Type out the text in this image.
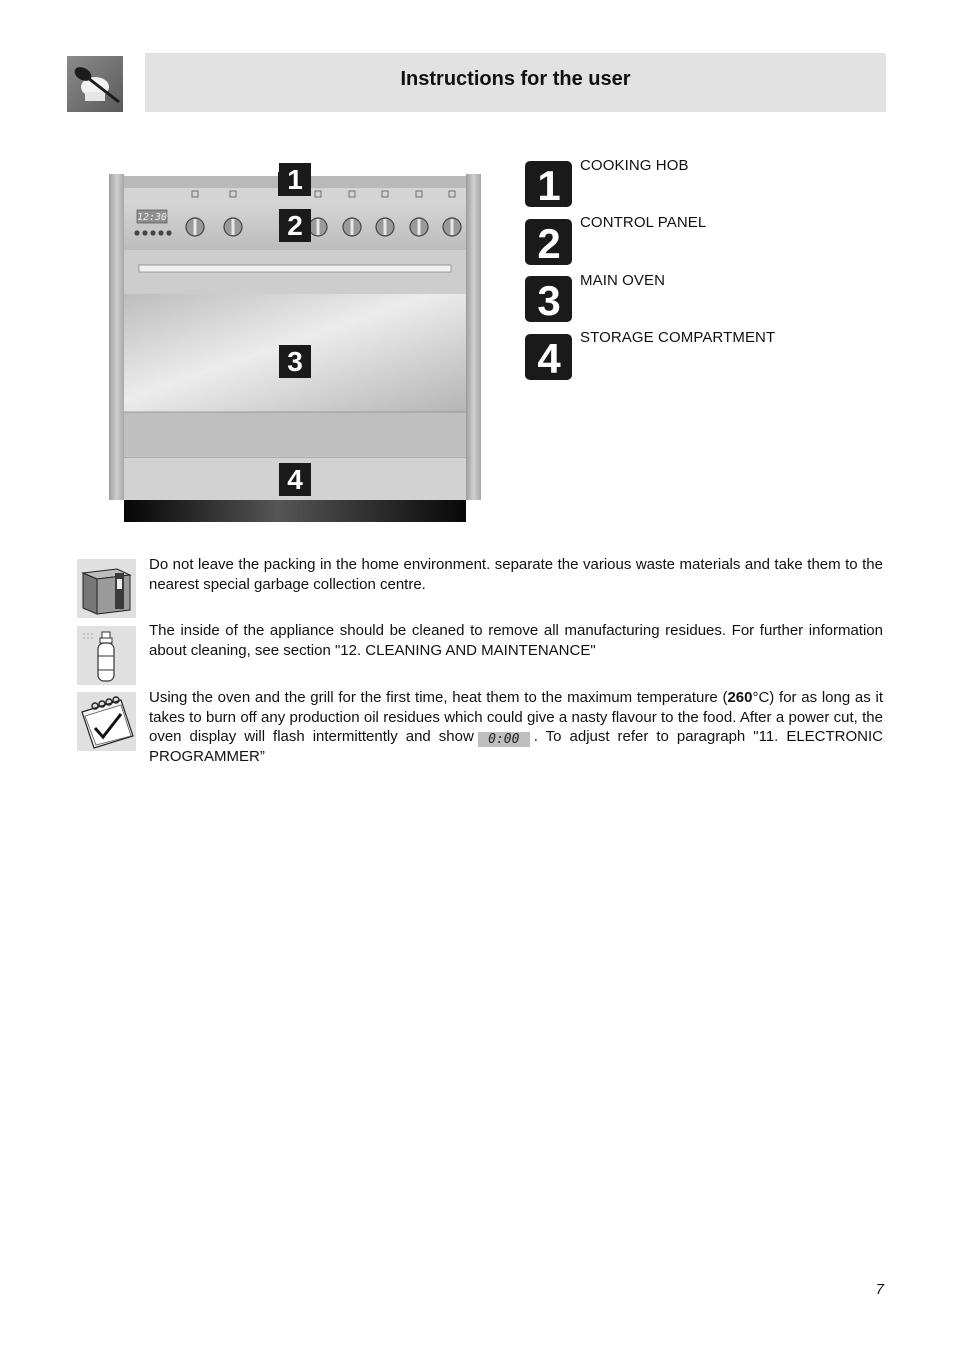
Instructions for the user
12:30
1
2
3
4
1 COOKING HOB
2 CONTROL PANEL
3 MAIN OVEN
4 STORAGE COMPARTMENT
Do not leave the packing in the home environment. separate the various waste materials and take them to the nearest special garbage collection centre.
The inside of the appliance should be cleaned to remove all manufacturing residues. For further information about cleaning, see section "12. CLEANING AND MAINTENANCE"
Using the oven and the grill for the first time, heat them to the maximum temperature (260°C) for as long as it takes to burn off any production oil residues which could give a nasty flavour to the food. After a power cut, the oven display will flash intermittently and show 0:00 . To adjust refer to paragraph "11. ELECTRONIC PROGRAMMER”
7
